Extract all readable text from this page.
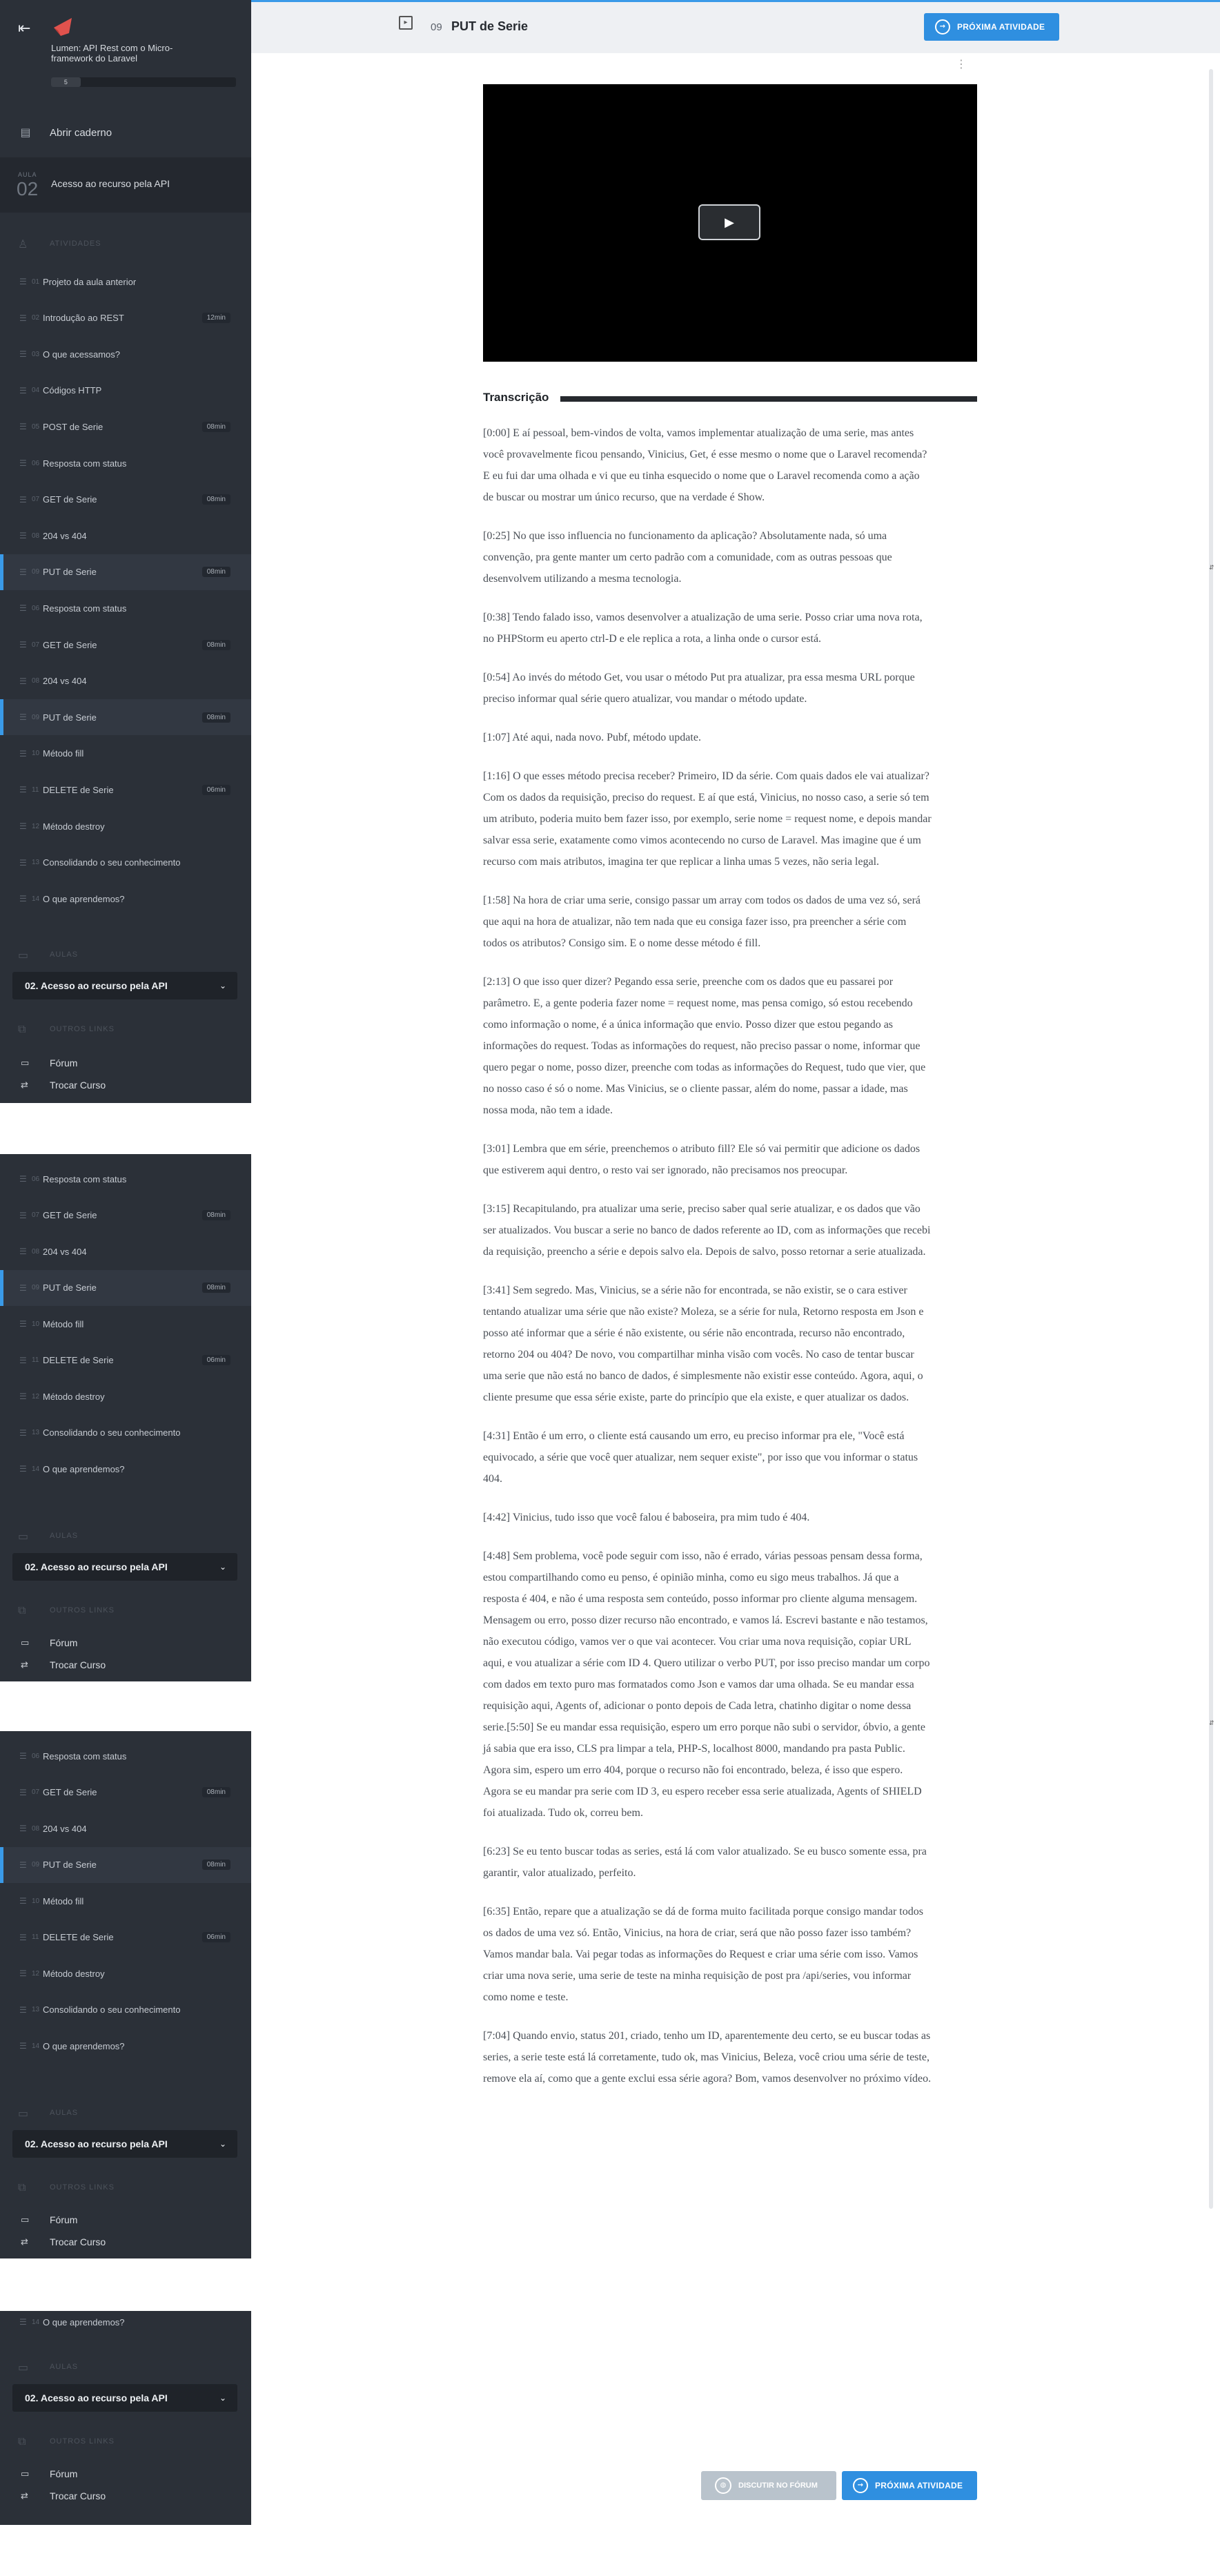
⇤
Lumen: API Rest com o Micro-framework do Laravel
5
▤ Abrir caderno
AULA
02 Acesso ao recurso pela API
♙	ATIVIDADES
☰ 01 Projeto da aula anterior
☰ 02 Introdução ao REST	12min
☰ 03 O que acessamos?
☰ 04 Códigos HTTP
☰ 05 POST de Serie	08min
☰ 06 Resposta com status
☰ 07 GET de Serie	08min
☰ 08 204 vs 404
☰ 09 PUT de Serie	08min
☰ 06 Resposta com status
☰ 07 GET de Serie	08min
☰ 08 204 vs 404
☰ 09 PUT de Serie	08min
☰ 10 Método fill
☰ 11 DELETE de Serie	06min
☰ 12 Método destroy
☰ 13 Consolidando o seu conhecimento
☰ 14 O que aprendemos?
▭	AULAS
02. Acesso ao recurso pela API	⌄
⧉	OUTROS LINKS
▭	Fórum
⇄	Trocar Curso
☰ 06 Resposta com status
☰ 07 GET de Serie	08min
☰ 08 204 vs 404
☰ 09 PUT de Serie	08min
☰ 10 Método fill
☰ 11 DELETE de Serie	06min
☰ 12 Método destroy
☰ 13 Consolidando o seu conhecimento
☰ 14 O que aprendemos?
▭	AULAS
02. Acesso ao recurso pela API	⌄
⧉	OUTROS LINKS
▭	Fórum
⇄	Trocar Curso
☰ 06 Resposta com status
☰ 07 GET de Serie	08min
☰ 08 204 vs 404
☰ 09 PUT de Serie	08min
☰ 10 Método fill
☰ 11 DELETE de Serie	06min
☰ 12 Método destroy
☰ 13 Consolidando o seu conhecimento
☰ 14 O que aprendemos?
▭	AULAS
02. Acesso ao recurso pela API	⌄
⧉	OUTROS LINKS
▭	Fórum
⇄	Trocar Curso
☰ 14 O que aprendemos?
▭	AULAS
02. Acesso ao recurso pela API	⌄
⧉	OUTROS LINKS
▭	Fórum
⇄	Trocar Curso
▸	09 PUT de Serie	→	PRÓXIMA ATIVIDADE
⋮
⇵
⇵
▶
Transcrição

[0:00] E aí pessoal, bem-vindos de volta, vamos implementar atualização de uma serie, mas antes você provavelmente ficou pensando, Vinicius, Get, é esse mesmo o nome que o Laravel recomenda? E eu fui dar uma olhada e vi que eu tinha esquecido o nome que o Laravel recomenda como a ação de buscar ou mostrar um único recurso, que na verdade é Show.

[0:25] No que isso influencia no funcionamento da aplicação? Absolutamente nada, só uma convenção, pra gente manter um certo padrão com a comunidade, com as outras pessoas que desenvolvem utilizando a mesma tecnologia.

[0:38] Tendo falado isso, vamos desenvolver a atualização de uma serie. Posso criar uma nova rota, no PHPStorm eu aperto ctrl-D e ele replica a rota, a linha onde o cursor está.

[0:54] Ao invés do método Get, vou usar o método Put pra atualizar, pra essa mesma URL porque preciso informar qual série quero atualizar, vou mandar o método update.

[1:07] Até aqui, nada novo. Pubf, método update.

[1:16] O que esses método precisa receber? Primeiro, ID da série. Com quais dados ele vai atualizar? Com os dados da requisição, preciso do request. E aí que está, Vinicius, no nosso caso, a serie só tem um atributo, poderia muito bem fazer isso, por exemplo, serie nome = request nome, e depois mandar salvar essa serie, exatamente como vimos acontecendo no curso de Laravel. Mas imagine que é um recurso com mais atributos, imagina ter que replicar a linha umas 5 vezes, não seria legal.

[1:58] Na hora de criar uma serie, consigo passar um array com todos os dados de uma vez só, será que aqui na hora de atualizar, não tem nada que eu consiga fazer isso, pra preencher a série com todos os atributos? Consigo sim. E o nome desse método é fill.

[2:13] O que isso quer dizer? Pegando essa serie, preenche com os dados que eu passarei por parâmetro. E, a gente poderia fazer nome = request nome, mas pensa comigo, só estou recebendo como informação o nome, é a única informação que envio. Posso dizer que estou pegando as informações do request. Todas as informações do request, não preciso passar o nome, informar que quero pegar o nome, posso dizer, preenche com todas as informações do Request, tudo que vier, que no nosso caso é só o nome. Mas Vinicius, se o cliente passar, além do nome, passar a idade, mas nossa moda, não tem a idade.

[3:01] Lembra que em série, preenchemos o atributo fill? Ele só vai permitir que adicione os dados que estiverem aqui dentro, o resto vai ser ignorado, não precisamos nos preocupar.

[3:15] Recapitulando, pra atualizar uma serie, preciso saber qual serie atualizar, e os dados que vão ser atualizados. Vou buscar a serie no banco de dados referente ao ID, com as informações que recebi da requisição, preencho a série e depois salvo ela. Depois de salvo, posso retornar a serie atualizada.

[3:41] Sem segredo. Mas, Vinicius, se a série não for encontrada, se não existir, se o cara estiver tentando atualizar uma série que não existe? Moleza, se a série for nula, Retorno resposta em Json e posso até informar que a série é não existente, ou série não encontrada, recurso não encontrado, retorno 204 ou 404? De novo, vou compartilhar minha visão com vocês. No caso de tentar buscar uma serie que não está no banco de dados, é simplesmente não existir esse conteúdo. Agora, aqui, o cliente presume que essa série existe, parte do princípio que ela existe, e quer atualizar os dados.

[4:31] Então é um erro, o cliente está causando um erro, eu preciso informar pra ele, "Você está equivocado, a série que você quer atualizar, nem sequer existe", por isso que vou informar o status 404.

[4:42] Vinicius, tudo isso que você falou é baboseira, pra mim tudo é 404.

[4:48] Sem problema, você pode seguir com isso, não é errado, várias pessoas pensam dessa forma, estou compartilhando como eu penso, é opinião minha, como eu sigo meus trabalhos. Já que a resposta é 404, e não é uma resposta sem conteúdo, posso informar pro cliente alguma mensagem. Mensagem ou erro, posso dizer recurso não encontrado, e vamos lá. Escrevi bastante e não testamos, não executou código, vamos ver o que vai acontecer. Vou criar uma nova requisição, copiar URL aqui, e vou atualizar a série com ID 4. Quero utilizar o verbo PUT, por isso preciso mandar um corpo com dados em texto puro mas formatados como Json e vamos dar uma olhada. Se eu mandar essa requisição aqui, Agents of, adicionar o ponto depois de Cada letra, chatinho digitar o nome dessa serie.[5:50] Se eu mandar essa requisição, espero um erro porque não subi o servidor, óbvio, a gente já sabia que era isso, CLS pra limpar a tela, PHP-S, localhost 8000, mandando pra pasta Public. Agora sim, espero um erro 404, porque o recurso não foi encontrado, beleza, é isso que espero. Agora se eu mandar pra serie com ID 3, eu espero receber essa serie atualizada, Agents of SHIELD foi atualizada. Tudo ok, correu bem.

[6:23] Se eu tento buscar todas as series, está lá com valor atualizado. Se eu busco somente essa, pra garantir, valor atualizado, perfeito.

[6:35] Então, repare que a atualização se dá de forma muito facilitada porque consigo mandar todos os dados de uma vez só. Então, Vinicius, na hora de criar, será que não posso fazer isso também? Vamos mandar bala. Vai pegar todas as informações do Request e criar uma série com isso. Vamos criar uma nova serie, uma serie de teste na minha requisição de post pra /api/series, vou informar como nome e teste.

[7:04] Quando envio, status 201, criado, tenho um ID, aparentemente deu certo, se eu buscar todas as series, a serie teste está lá corretamente, tudo ok, mas Vinicius, Beleza, você criou uma série de teste, remove ela aí, como que a gente exclui essa série agora? Bom, vamos desenvolver no próximo vídeo.

◍	DISCUTIR NO FÓRUM	→	PRÓXIMA ATIVIDADE
